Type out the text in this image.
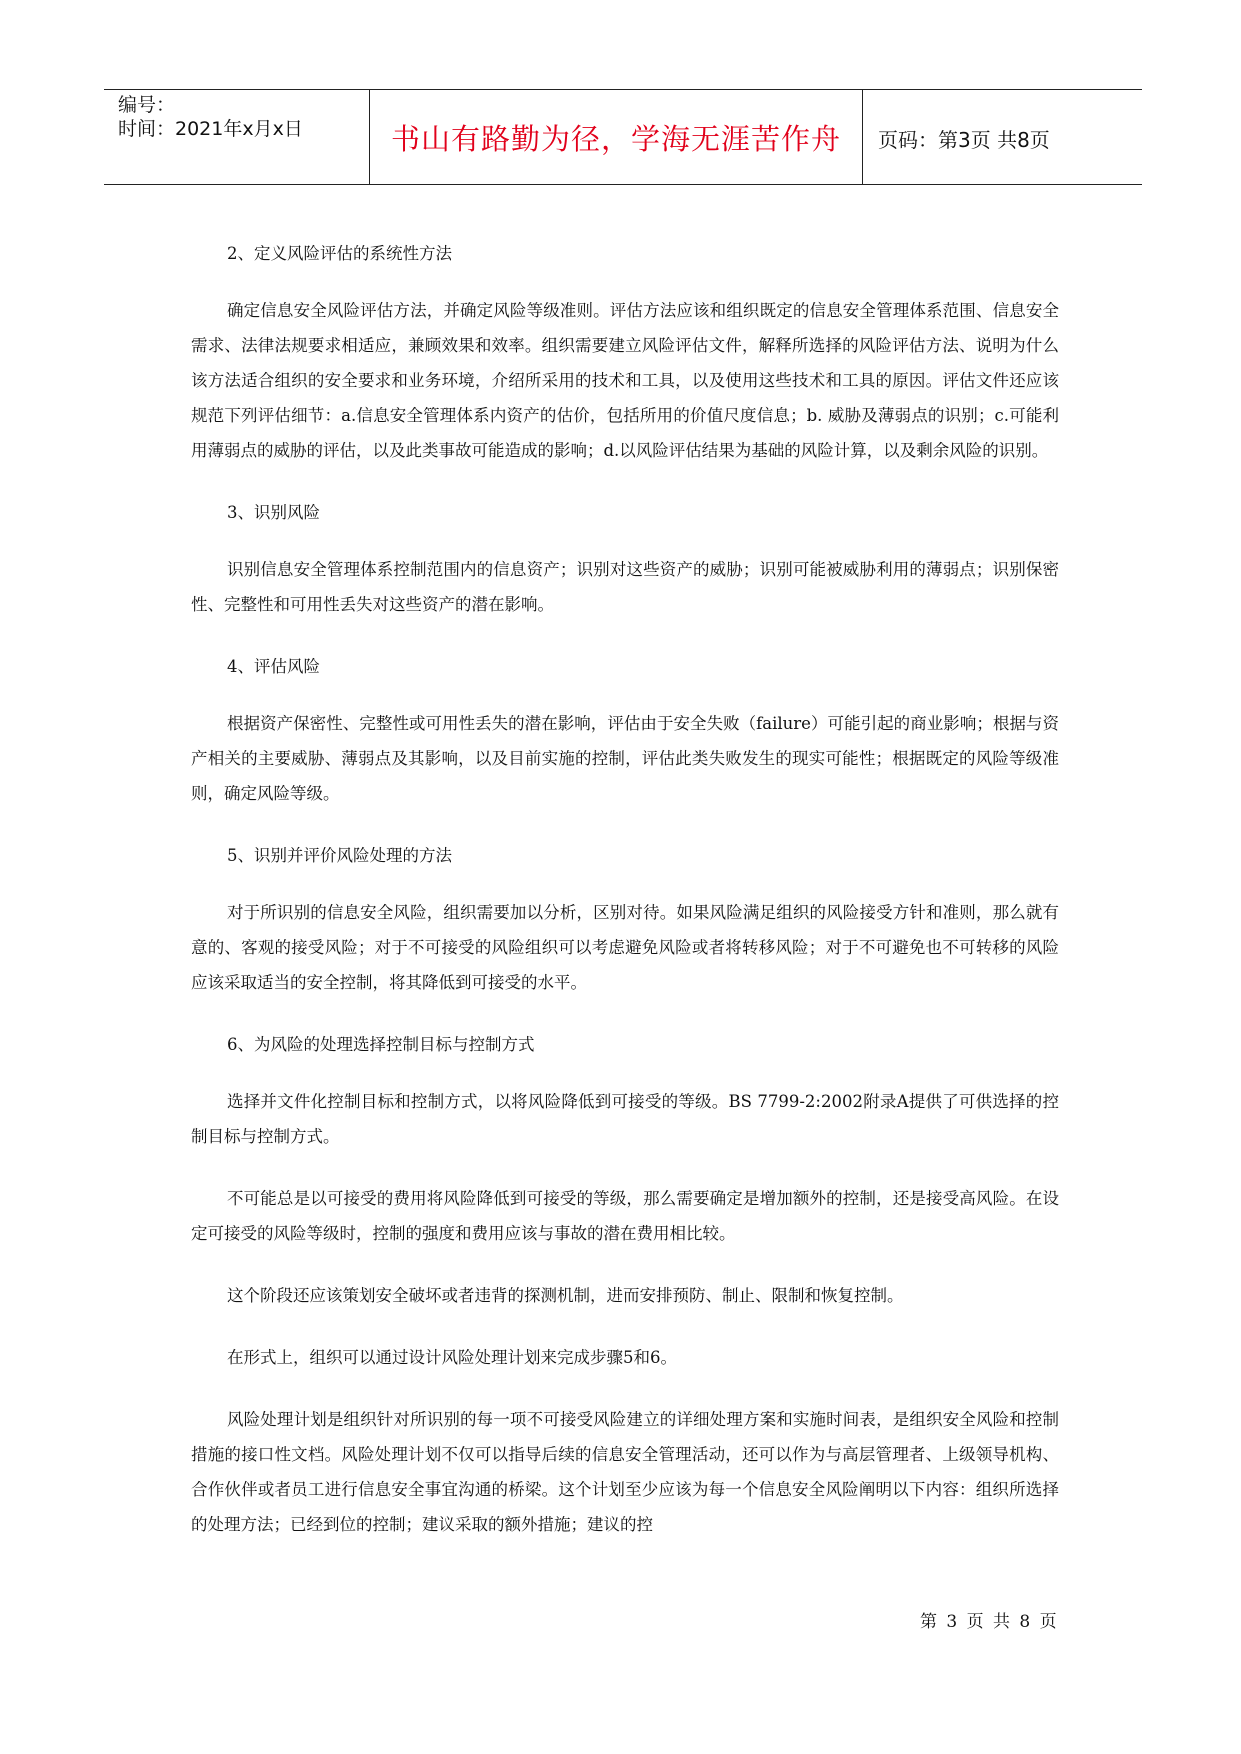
编号：
时间：2021年x月x日	书山有路勤为径，学海无涯苦作舟	页码：第3页 共8页

2、定义风险评估的系统性方法

确定信息安全风险评估方法，并确定风险等级准则。评估方法应该和组织既定的信息安全管理体系范围、信息安全需求、法律法规要求相适应，兼顾效果和效率。组织需要建立风险评估文件，解释所选择的风险评估方法、说明为什么该方法适合组织的安全要求和业务环境，介绍所采用的技术和工具，以及使用这些技术和工具的原因。评估文件还应该规范下列评估细节：a.信息安全管理体系内资产的估价，包括所用的价值尺度信息；b. 威胁及薄弱点的识别；c.可能利用薄弱点的威胁的评估，以及此类事故可能造成的影响；d.以风险评估结果为基础的风险计算，以及剩余风险的识别。

3、识别风险

识别信息安全管理体系控制范围内的信息资产；识别对这些资产的威胁；识别可能被威胁利用的薄弱点；识别保密性、完整性和可用性丢失对这些资产的潜在影响。

4、评估风险

根据资产保密性、完整性或可用性丢失的潜在影响，评估由于安全失败（failure）可能引起的商业影响；根据与资产相关的主要威胁、薄弱点及其影响，以及目前实施的控制，评估此类失败发生的现实可能性；根据既定的风险等级准则，确定风险等级。

5、识别并评价风险处理的方法

对于所识别的信息安全风险，组织需要加以分析，区别对待。如果风险满足组织的风险接受方针和准则，那么就有意的、客观的接受风险；对于不可接受的风险组织可以考虑避免风险或者将转移风险；对于不可避免也不可转移的风险应该采取适当的安全控制，将其降低到可接受的水平。

6、为风险的处理选择控制目标与控制方式

选择并文件化控制目标和控制方式，以将风险降低到可接受的等级。BS 7799-2:2002附录A提供了可供选择的控制目标与控制方式。

不可能总是以可接受的费用将风险降低到可接受的等级，那么需要确定是增加额外的控制，还是接受高风险。在设定可接受的风险等级时，控制的强度和费用应该与事故的潜在费用相比较。

这个阶段还应该策划安全破坏或者违背的探测机制，进而安排预防、制止、限制和恢复控制。

在形式上，组织可以通过设计风险处理计划来完成步骤5和6。

风险处理计划是组织针对所识别的每一项不可接受风险建立的详细处理方案和实施时间表，是组织安全风险和控制措施的接口性文档。风险处理计划不仅可以指导后续的信息安全管理活动，还可以作为与高层管理者、上级领导机构、合作伙伴或者员工进行信息安全事宜沟通的桥梁。这个计划至少应该为每一个信息安全风险阐明以下内容：组织所选择的处理方法；已经到位的控制；建议采取的额外措施；建议的控

第 3 页 共 8 页
